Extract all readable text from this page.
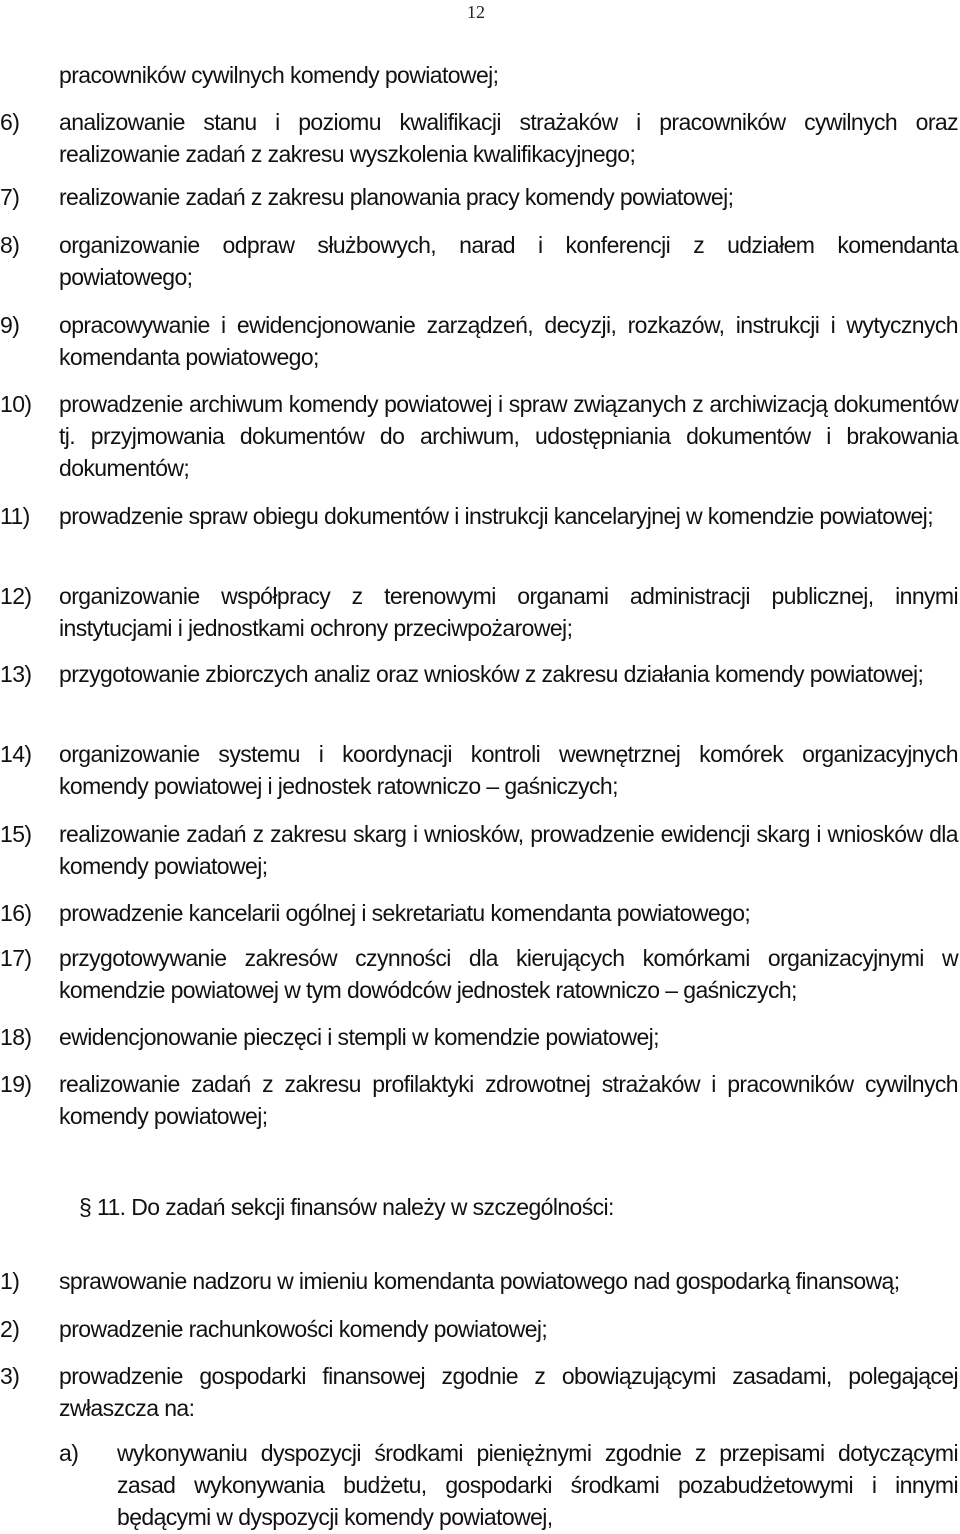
12
pracowników cywilnych komendy powiatowej;
6) analizowanie stanu i poziomu kwalifikacji strażaków i pracowników cywilnych oraz realizowanie zadań z zakresu wyszkolenia kwalifikacyjnego;
7) realizowanie zadań z zakresu planowania pracy komendy powiatowej;
8) organizowanie odpraw służbowych, narad i konferencji z udziałem komendanta powiatowego;
9) opracowywanie i ewidencjonowanie zarządzeń, decyzji, rozkazów, instrukcji i wytycznych komendanta powiatowego;
10) prowadzenie archiwum komendy powiatowej i spraw związanych z archiwizacją dokumentów tj. przyjmowania dokumentów do archiwum, udostępniania dokumentów i brakowania dokumentów;
11) prowadzenie spraw obiegu dokumentów i instrukcji kancelaryjnej w komendzie powiatowej;
12) organizowanie współpracy z terenowymi organami administracji publicznej, innymi instytucjami i jednostkami ochrony przeciwpożarowej;
13) przygotowanie zbiorczych analiz oraz wniosków z zakresu działania komendy powiatowej;
14) organizowanie systemu i koordynacji kontroli wewnętrznej komórek organizacyjnych komendy powiatowej i jednostek ratowniczo – gaśniczych;
15) realizowanie zadań z zakresu skarg i wniosków, prowadzenie ewidencji skarg i wniosków dla komendy powiatowej;
16) prowadzenie kancelarii ogólnej i sekretariatu komendanta powiatowego;
17) przygotowywanie zakresów czynności dla kierujących komórkami organizacyjnymi w komendzie powiatowej w tym dowódców jednostek ratowniczo – gaśniczych;
18) ewidencjonowanie pieczęci i stempli w komendzie powiatowej;
19) realizowanie zadań z zakresu profilaktyki zdrowotnej strażaków i pracowników cywilnych komendy powiatowej;
§ 11. Do zadań sekcji finansów należy w szczególności:
1) sprawowanie nadzoru w imieniu komendanta powiatowego nad gospodarką finansową;
2) prowadzenie rachunkowości komendy powiatowej;
3) prowadzenie gospodarki finansowej zgodnie z obowiązującymi zasadami, polegającej zwłaszcza na:
a) wykonywaniu dyspozycji środkami pieniężnymi zgodnie z przepisami dotyczącymi zasad wykonywania budżetu, gospodarki środkami pozabudżetowymi i innymi będącymi w dyspozycji komendy powiatowej,
